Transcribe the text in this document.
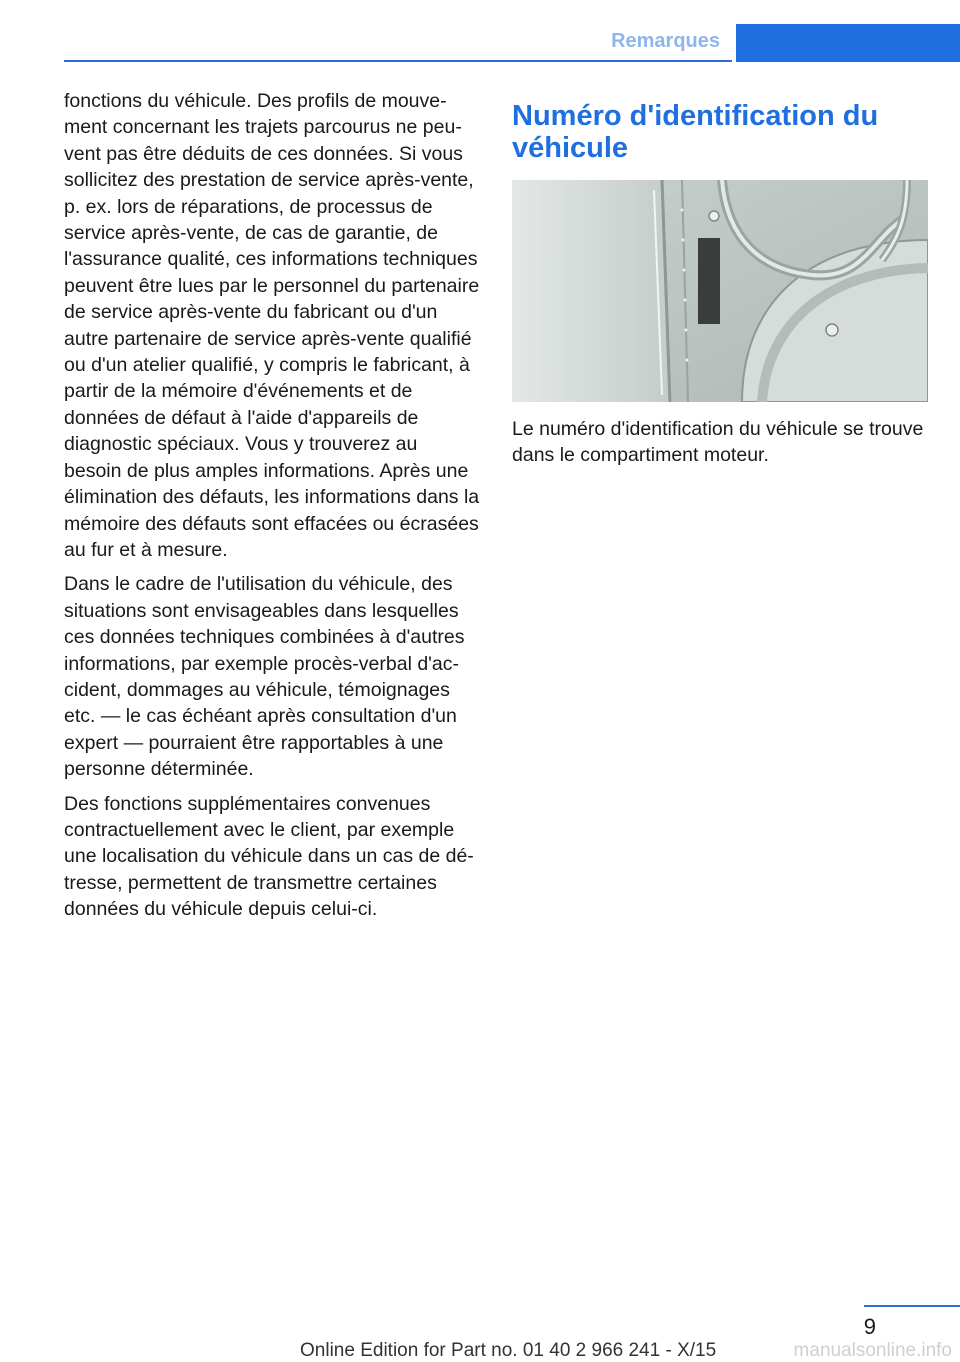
Remarques

fonctions du véhicule. Des profils de mouvement concernant les trajets parcourus ne peuvent pas être déduits de ces données. Si vous sollicitez des prestation de service après-vente, p. ex. lors de réparations, de processus de service après-vente, de cas de garantie, de l'assurance qualité, ces informations techniques peuvent être lues par le personnel du partenaire de service après-vente du fabricant ou d'un autre partenaire de service après-vente qualifié ou d'un atelier qualifié, y compris le fabricant, à partir de la mémoire d'événements et de données de défaut à l'aide d'appareils de diagnostic spéciaux. Vous y trouverez au besoin de plus amples informations. Après une élimination des défauts, les informations dans la mémoire des défauts sont effacées ou écrasées au fur et à mesure.

Dans le cadre de l'utilisation du véhicule, des situations sont envisageables dans lesquelles ces données techniques combinées à d'autres informations, par exemple procès-verbal d'accident, dommages au véhicule, témoignages etc. — le cas échéant après consultation d'un expert — pourraient être rapportables à une personne déterminée.

Des fonctions supplémentaires convenues contractuellement avec le client, par exemple une localisation du véhicule dans un cas de détresse, permettent de transmettre certaines données du véhicule depuis celui-ci.

Numéro d'identification du véhicule

Le numéro d'identification du véhicule se trouve dans le compartiment moteur.

9
Online Edition for Part no. 01 40 2 966 241 - X/15	manualsonline.info
